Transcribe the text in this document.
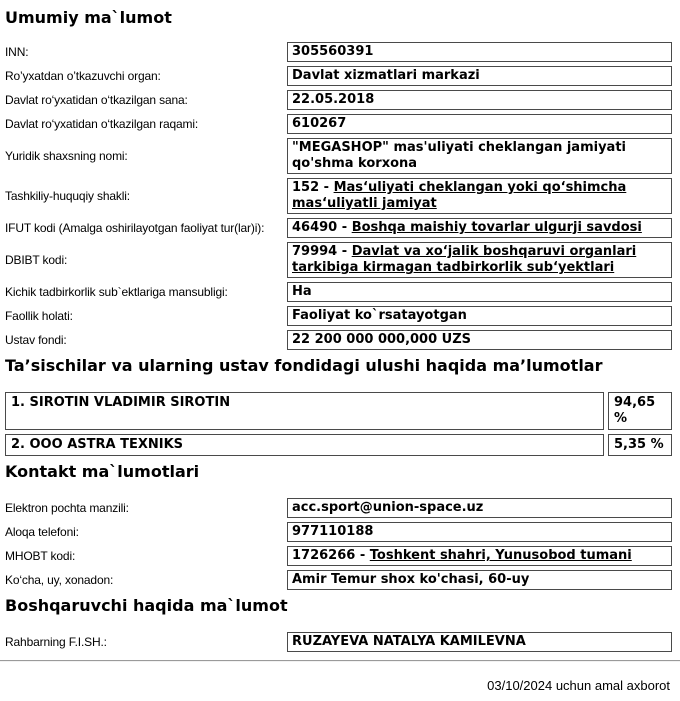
Umumiy ma`lumot
INN:	305560391
Ro’yxatdan o’tkazuvchi organ:	Davlat xizmatlari markazi
Davlat ro‘yxatidan o‘tkazilgan sana:	22.05.2018
Davlat ro‘yxatidan o‘tkazilgan raqami:	610267
Yuridik shaxsning nomi:
"MEGASHOP" mas'uliyati cheklangan jamiyati qo'shma korxona
Tashkiliy-huquqiy shakli:
152 - Mas‘uliyati cheklangan yoki qo‘shimcha mas‘uliyatli jamiyat
IFUT kodi (Amalga oshirilayotgan faoliyat tur(lar)i):	46490 - Boshqa maishiy tovarlar ulgurji savdosi
DBIBT kodi:
79994 - Davlat va xo‘jalik boshqaruvi organlari tarkibiga kirmagan tadbirkorlik sub‘yektlari
Kichik tadbirkorlik sub`ektlariga mansubligi:	Ha
Faollik holati:	Faoliyat ko`rsatayotgan
Ustav fondi:	22 200 000 000,000 UZS
Ta’sischilar va ularning ustav fondidagi ulushi haqida ma’lumotlar
1. SIROTIN VLADIMIR SIROTIN	94,65 %
2. OOO ASTRA TEXNIKS	5,35 %
Kontakt ma`lumotlari
Elektron pochta manzili:	acc.sport@union-space.uz
Aloqa telefoni:	977110188
MHOBT kodi:	1726266 - Toshkent shahri, Yunusobod tumani
Ko‘cha, uy, xonadon:	Amir Temur shox ko'chasi, 60-uy
Boshqaruvchi haqida ma`lumot
Rahbarning F.I.SH.:	RUZAYEVA NATALYA KAMILEVNA
03/10/2024 uchun amal axborot
